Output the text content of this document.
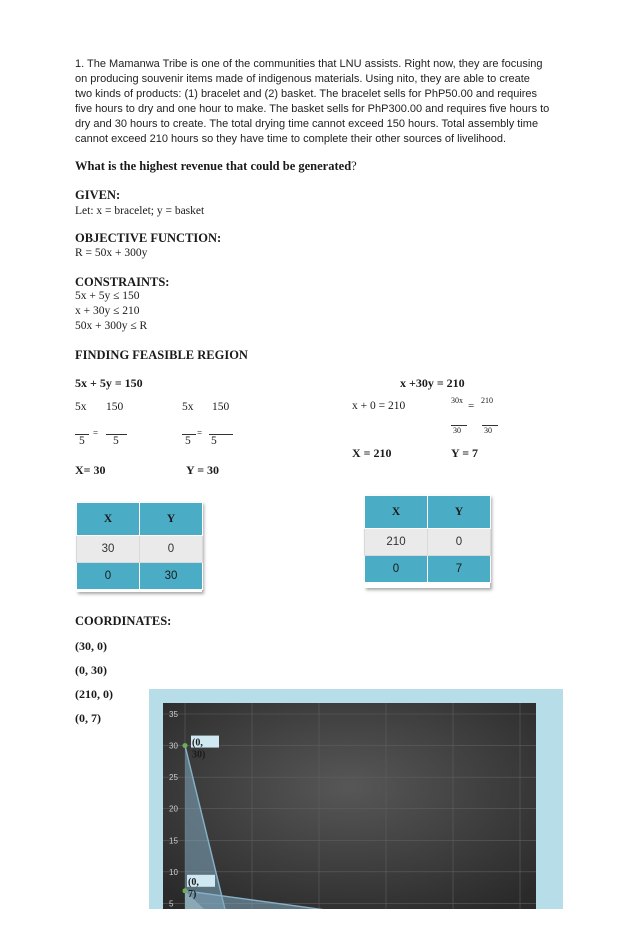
1. The Mamanwa Tribe is one of the communities that LNU assists. Right now, they are focusing
on producing souvenir items made of indigenous materials. Using nito, they are able to create
two kinds of products: (1) bracelet and (2) basket. The bracelet sells for PhP50.00 and requires
five hours to dry and one hour to make. The basket sells for PhP300.00 and requires five hours to
dry and 30 hours to create. The total drying time cannot exceed 150 hours. Total assembly time
cannot exceed 210 hours so they have time to complete their other sources of livelihood.
What is the highest revenue that could be generated?
GIVEN:
Let: x = bracelet; y = basket
OBJECTIVE FUNCTION:
R = 50x + 300y
CONSTRAINTS:
5x + 5y ≤ 150
x + 30y ≤ 210
50x + 300y ≤ R
FINDING FEASIBLE REGION
5x + 5y = 150
5x 150	5x 150
=	=
5 5	5 5
X= 30	Y = 30
x +30y = 210
x + 0 = 210	30x = 210
30	30
X = 210	Y = 7
X	Y
30	0
0	30
X	Y
210	0
0	7
COORDINATES:
(30, 0)
(0, 30)
(210, 0)
(0, 7)	35
30
25
20
15
10
5
(0,
30)
(0,
7)
